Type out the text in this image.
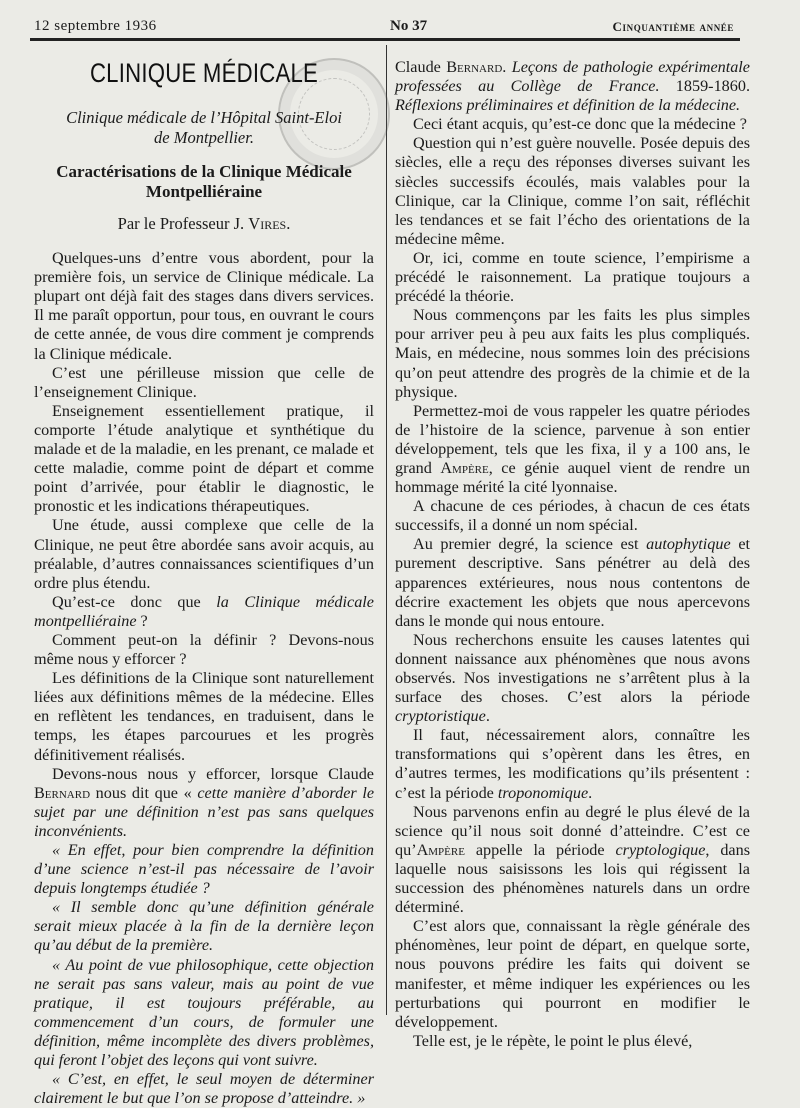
12 septembre 1936	No 37	Cinquantième année
CLINIQUE MÉDICALE
Clinique médicale de l’Hôpital Saint-Eloi
de Montpellier.
Caractérisations de la Clinique Médicale Montpelliéraine
Par le Professeur J. Vires.

Quelques-uns d’entre vous abordent, pour la première fois, un service de Clinique médicale. La plupart ont déjà fait des stages dans divers services. Il me paraît opportun, pour tous, en ouvrant le cours de cette année, de vous dire comment je comprends la Clinique médicale.

C’est une périlleuse mission que celle de l’enseignement Clinique.

Enseignement essentiellement pratique, il comporte l’étude analytique et synthétique du malade et de la maladie, en les prenant, ce malade et cette maladie, comme point de départ et comme point d’arrivée, pour établir le diagnostic, le pronostic et les indications thérapeutiques.

Une étude, aussi complexe que celle de la Clinique, ne peut être abordée sans avoir acquis, au préalable, d’autres connaissances scientifiques d’un ordre plus étendu.

Qu’est-ce donc que la Clinique médicale montpelliéraine ?

Comment peut-on la définir ? Devons-nous même nous y efforcer ?

Les définitions de la Clinique sont naturellement liées aux définitions mêmes de la médecine. Elles en reflètent les tendances, en traduisent, dans le temps, les étapes parcourues et les progrès définitivement réalisés.

Devons-nous nous y efforcer, lorsque Claude Bernard nous dit que « cette manière d’aborder le sujet par une définition n’est pas sans quelques inconvénients.

« En effet, pour bien comprendre la définition d’une science n’est-il pas nécessaire de l’avoir depuis longtemps étudiée ?

« Il semble donc qu’une définition générale serait mieux placée à la fin de la dernière leçon qu’au début de la première.

« Au point de vue philosophique, cette objection ne serait pas sans valeur, mais au point de vue pratique, il est toujours préférable, au commencement d’un cours, de formuler une définition, même incomplète des divers problèmes, qui feront l’objet des leçons qui vont suivre.

« C’est, en effet, le seul moyen de déterminer clairement le but que l’on se propose d’atteindre. »

Claude Bernard. Leçons de pathologie expérimentale professées au Collège de France. 1859-1860. Réflexions préliminaires et définition de la médecine.

Ceci étant acquis, qu’est-ce donc que la médecine ?

Question qui n’est guère nouvelle. Posée depuis des siècles, elle a reçu des réponses diverses suivant les siècles successifs écoulés, mais valables pour la Clinique, car la Clinique, comme l’on sait, réfléchit les tendances et se fait l’écho des orientations de la médecine même.

Or, ici, comme en toute science, l’empirisme a précédé le raisonnement. La pratique toujours a précédé la théorie.

Nous commençons par les faits les plus simples pour arriver peu à peu aux faits les plus compliqués. Mais, en médecine, nous sommes loin des précisions qu’on peut attendre des progrès de la chimie et de la physique.

Permettez-moi de vous rappeler les quatre périodes de l’histoire de la science, parvenue à son entier développement, tels que les fixa, il y a 100 ans, le grand Ampère, ce génie auquel vient de rendre un hommage mérité la cité lyonnaise.

A chacune de ces périodes, à chacun de ces états successifs, il a donné un nom spécial.

Au premier degré, la science est autophytique et purement descriptive. Sans pénétrer au delà des apparences extérieures, nous nous contentons de décrire exactement les objets que nous apercevons dans le monde qui nous entoure.

Nous recherchons ensuite les causes latentes qui donnent naissance aux phénomènes que nous avons observés. Nos investigations ne s’arrêtent plus à la surface des choses. C’est alors la période cryptoristique.

Il faut, nécessairement alors, connaître les transformations qui s’opèrent dans les êtres, en d’autres termes, les modifications qu’ils présentent : c’est la période troponomique.

Nous parvenons enfin au degré le plus élevé de la science qu’il nous soit donné d’atteindre. C’est ce qu’Ampère appelle la période cryptologique, dans laquelle nous saisissons les lois qui régissent la succession des phénomènes naturels dans un ordre déterminé.

C’est alors que, connaissant la règle générale des phénomènes, leur point de départ, en quelque sorte, nous pouvons prédire les faits qui doivent se manifester, et même indiquer les expériences ou les perturbations qui pourront en modifier le développement.

Telle est, je le répète, le point le plus élevé,
